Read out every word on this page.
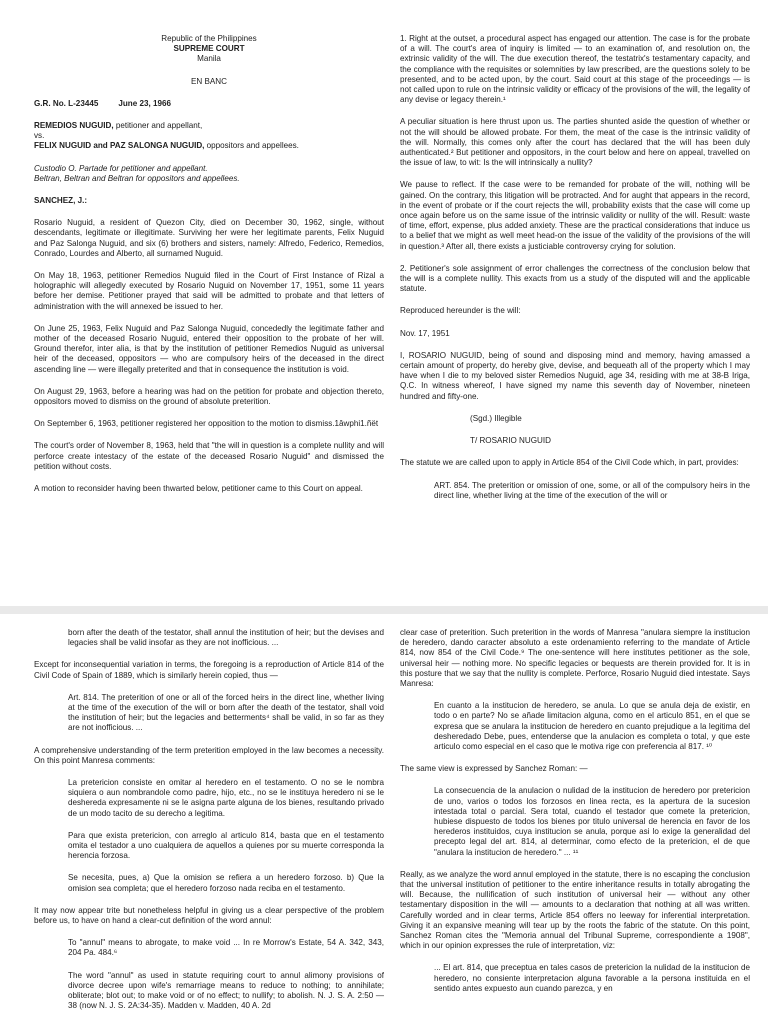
Republic of the Philippines
SUPREME COURT
Manila

EN BANC

G.R. No. L-23445 June 23, 1966

REMEDIOS NUGUID, petitioner and appellant,
vs.
FELIX NUGUID and PAZ SALONGA NUGUID, oppositors and appellees.

Custodio O. Partade for petitioner and appellant.
Beltran, Beltran and Beltran for oppositors and appellees.

SANCHEZ, J.:

Rosario Nuguid, a resident of Quezon City, died on December 30, 1962, single, without descendants, legitimate or illegitimate. Surviving her were her legitimate parents, Felix Nuguid and Paz Salonga Nuguid, and six (6) brothers and sisters, namely: Alfredo, Federico, Remedios, Conrado, Lourdes and Alberto, all surnamed Nuguid.

On May 18, 1963, petitioner Remedios Nuguid filed in the Court of First Instance of Rizal a holographic will allegedly executed by Rosario Nuguid on November 17, 1951, some 11 years before her demise. Petitioner prayed that said will be admitted to probate and that letters of administration with the will annexed be issued to her.

On June 25, 1963, Felix Nuguid and Paz Salonga Nuguid, concededly the legitimate father and mother of the deceased Rosario Nuguid, entered their opposition to the probate of her will. Ground therefor, inter alia, is that by the institution of petitioner Remedios Nuguid as universal heir of the deceased, oppositors — who are compulsory heirs of the deceased in the direct ascending line — were illegally preterited and that in consequence the institution is void.

On August 29, 1963, before a hearing was had on the petition for probate and objection thereto, oppositors moved to dismiss on the ground of absolute preterition.

On September 6, 1963, petitioner registered her opposition to the motion to dismiss.1âwphi1.ñët

The court's order of November 8, 1963, held that "the will in question is a complete nullity and will perforce create intestacy of the estate of the deceased Rosario Nuguid" and dismissed the petition without costs.

A motion to reconsider having been thwarted below, petitioner came to this Court on appeal.

1. Right at the outset, a procedural aspect has engaged our attention. The case is for the probate of a will. The court's area of inquiry is limited — to an examination of, and resolution on, the extrinsic validity of the will. The due execution thereof, the testatrix's testamentary capacity, and the compliance with the requisites or solemnities by law prescribed, are the questions solely to be presented, and to be acted upon, by the court. Said court at this stage of the proceedings — is not called upon to rule on the intrinsic validity or efficacy of the provisions of the will, the legality of any devise or legacy therein.¹

A peculiar situation is here thrust upon us. The parties shunted aside the question of whether or not the will should be allowed probate. For them, the meat of the case is the intrinsic validity of the will. Normally, this comes only after the court has declared that the will has been duly authenticated.² But petitioner and oppositors, in the court below and here on appeal, travelled on the issue of law, to wit: Is the will intrinsically a nullity?

We pause to reflect. If the case were to be remanded for probate of the will, nothing will be gained. On the contrary, this litigation will be protracted. And for aught that appears in the record, in the event of probate or if the court rejects the will, probability exists that the case will come up once again before us on the same issue of the intrinsic validity or nullity of the will. Result: waste of time, effort, expense, plus added anxiety. These are the practical considerations that induce us to a belief that we might as well meet head-on the issue of the validity of the provisions of the will in question.³ After all, there exists a justiciable controversy crying for solution.

2. Petitioner's sole assignment of error challenges the correctness of the conclusion below that the will is a complete nullity. This exacts from us a study of the disputed will and the applicable statute.

Reproduced hereunder is the will:

Nov. 17, 1951

I, ROSARIO NUGUID, being of sound and disposing mind and memory, having amassed a certain amount of property, do hereby give, devise, and bequeath all of the property which I may have when I die to my beloved sister Remedios Nuguid, age 34, residing with me at 38-B Iriga, Q.C. In witness whereof, I have signed my name this seventh day of November, nineteen hundred and fifty-one.

(Sgd.) Illegible

T/ ROSARIO NUGUID

The statute we are called upon to apply in Article 854 of the Civil Code which, in part, provides:

ART. 854. The preterition or omission of one, some, or all of the compulsory heirs in the direct line, whether living at the time of the execution of the will or

born after the death of the testator, shall annul the institution of heir; but the devises and legacies shall be valid insofar as they are not inofficious. ...

Except for inconsequential variation in terms, the foregoing is a reproduction of Article 814 of the Civil Code of Spain of 1889, which is similarly herein copied, thus —

Art. 814. The preterition of one or all of the forced heirs in the direct line, whether living at the time of the execution of the will or born after the death of the testator, shall void the institution of heir; but the legacies and betterments⁴ shall be valid, in so far as they are not inofficious. ...

A comprehensive understanding of the term preterition employed in the law becomes a necessity. On this point Manresa comments:

La pretericion consiste en omitar al heredero en el testamento. O no se le nombra siquiera o aun nombrandole como padre, hijo, etc., no se le instituya heredero ni se le deshereda expresamente ni se le asigna parte alguna de los bienes, resultando privado de un modo tacito de su derecho a legitima.

Para que exista pretericion, con arreglo al articulo 814, basta que en el testamento omita el testador a uno cualquiera de aquellos a quienes por su muerte corresponda la herencia forzosa.

Se necesita, pues, a) Que la omision se refiera a un heredero forzoso. b) Que la omision sea completa; que el heredero forzoso nada reciba en el testamento.

It may now appear trite but nonetheless helpful in giving us a clear perspective of the problem before us, to have on hand a clear-cut definition of the word annul:

To "annul" means to abrogate, to make void ... In re Morrow's Estate, 54 A. 342, 343, 204 Pa. 484.⁶

The word "annul" as used in statute requiring court to annul alimony provisions of divorce decree upon wife's remarriage means to reduce to nothing; to annihilate; obliterate; blot out; to make void or of no effect; to nullify; to abolish. N. J. S. A. 2:50 — 38 (now N. J. S. 2A:34-35). Madden v. Madden, 40 A. 2d

clear case of preterition. Such preterition in the words of Manresa "anulara siempre la institucion de heredero, dando caracter absoluto a este ordenamiento referring to the mandate of Article 814, now 854 of the Civil Code.⁹ The one-sentence will here institutes petitioner as the sole, universal heir — nothing more. No specific legacies or bequests are therein provided for. It is in this posture that we say that the nullity is complete. Perforce, Rosario Nuguid died intestate. Says Manresa:

En cuanto a la institucion de heredero, se anula. Lo que se anula deja de existir, en todo o en parte? No se añade limitacion alguna, como en el articulo 851, en el que se expresa que se anulara la institucion de heredero en cuanto prejudique a la legitima del desheredado Debe, pues, entenderse que la anulacion es completa o total, y que este articulo como especial en el caso que le motiva rige con preferencia al 817. ¹⁰

The same view is expressed by Sanchez Roman: —

La consecuencia de la anulacion o nulidad de la institucion de heredero por pretericion de uno, varios o todos los forzosos en linea recta, es la apertura de la sucesion intestada total o parcial. Sera total, cuando el testador que comete la pretericion, hubiese dispuesto de todos los bienes por titulo universal de herencia en favor de los herederos instituidos, cuya institucion se anula, porque asi lo exige la generalidad del precepto legal del art. 814, al determinar, como efecto de la pretericion, el de que "anulara la institucion de heredero." ... ¹¹

Really, as we analyze the word annul employed in the statute, there is no escaping the conclusion that the universal institution of petitioner to the entire inheritance results in totally abrogating the will. Because, the nullification of such institution of universal heir — without any other testamentary disposition in the will — amounts to a declaration that nothing at all was written. Carefully worded and in clear terms, Article 854 offers no leeway for inferential interpretation. Giving it an expansive meaning will tear up by the roots the fabric of the statute. On this point, Sanchez Roman cites the "Memoria annual del Tribunal Supreme, correspondiente a 1908", which in our opinion expresses the rule of interpretation, viz:

... El art. 814, que preceptua en tales casos de pretericion la nulidad de la institucion de heredero, no consiente interpretacion alguna favorable a la persona instituida en el sentido antes expuesto aun cuando parezca, y en
